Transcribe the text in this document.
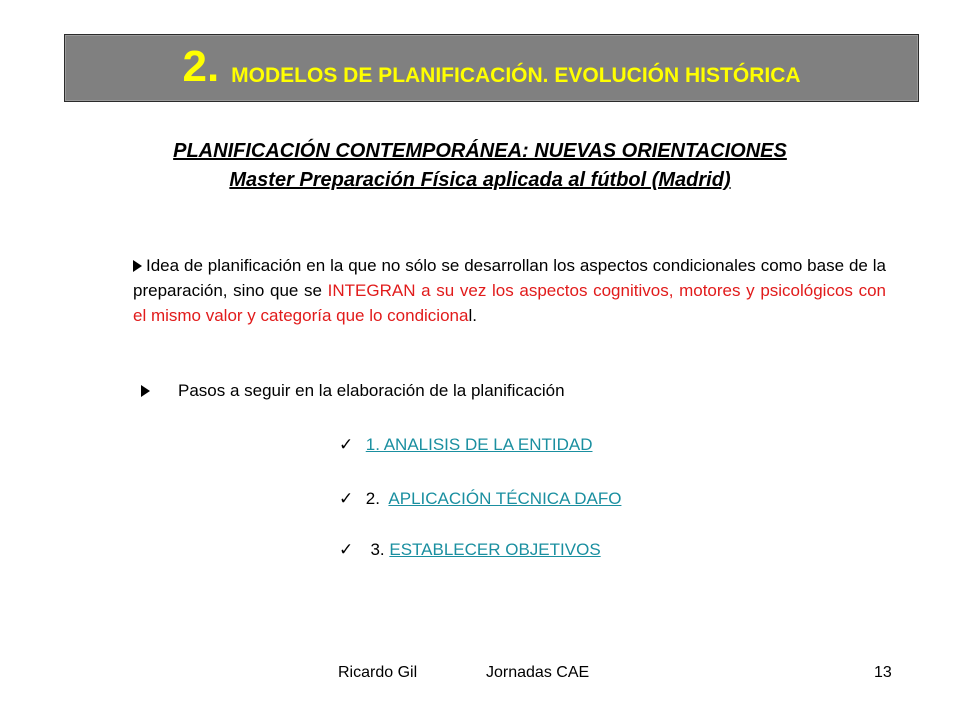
2. MODELOS DE PLANIFICACIÓN. EVOLUCIÓN HISTÓRICA
PLANIFICACIÓN CONTEMPORÁNEA: NUEVAS ORIENTACIONES
Master Preparación Física aplicada al fútbol (Madrid)
Idea de planificación en la que no sólo se desarrollan los aspectos condicionales como base de la preparación, sino que se INTEGRAN a su vez los aspectos cognitivos, motores y psicológicos con el mismo valor y categoría que lo condicional.
Pasos a seguir en la elaboración de la planificación
✓ 1. ANALISIS DE LA ENTIDAD
✓ 2.  APLICACIÓN TÉCNICA DAFO
✓  3. ESTABLECER OBJETIVOS
Ricardo Gil	Jornadas CAE	13
